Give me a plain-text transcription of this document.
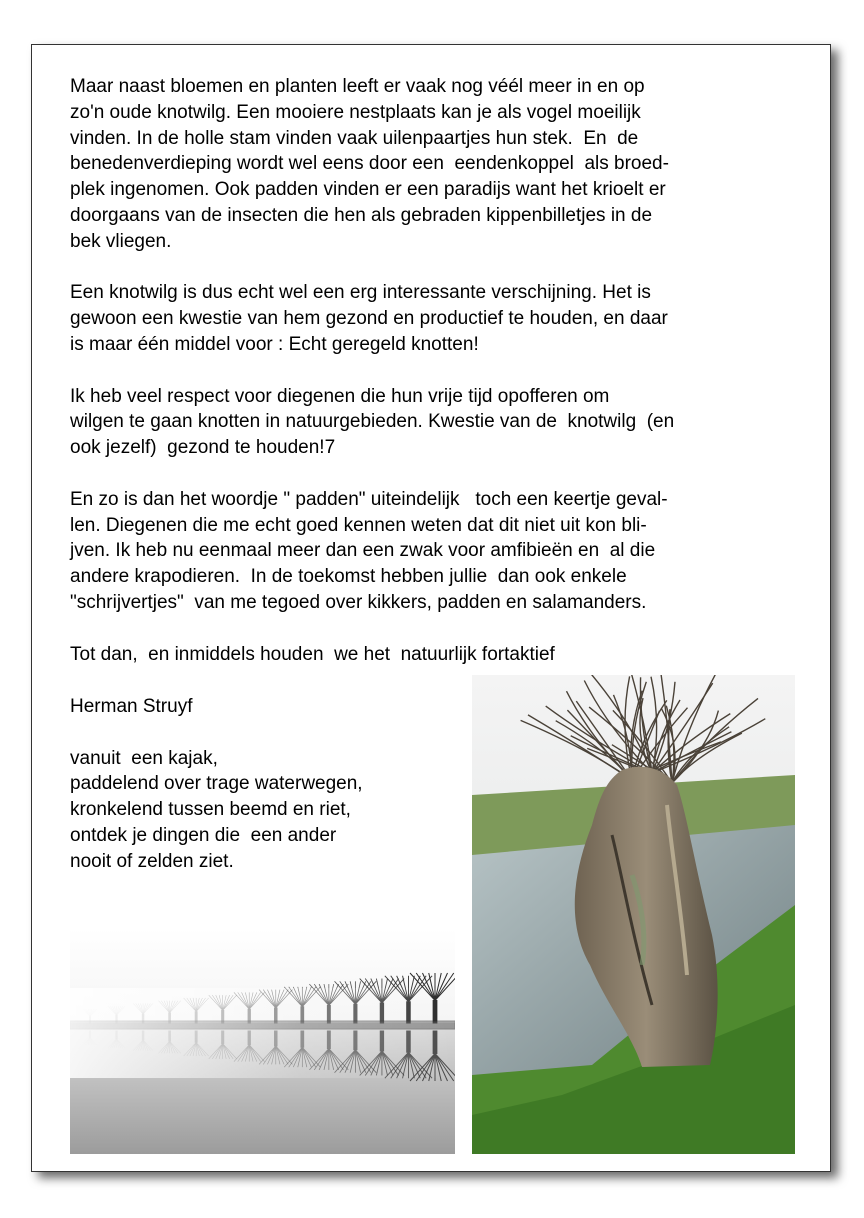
Maar naast bloemen en planten leeft er vaak nog véél meer in en op
zo'n oude knotwilg. Een mooiere nestplaats kan je als vogel moeilijk
vinden. In de holle stam vinden vaak uilenpaartjes hun stek.  En  de
benedenverdieping wordt wel eens door een  eendenkoppel  als broed-
plek ingenomen. Ook padden vinden er een paradijs want het krioelt er
doorgaans van de insecten die hen als gebraden kippenbilletjes in de
bek vliegen.

Een knotwilg is dus echt wel een erg interessante verschijning. Het is
gewoon een kwestie van hem gezond en productief te houden, en daar
is maar één middel voor : Echt geregeld knotten!

Ik heb veel respect voor diegenen die hun vrije tijd opofferen om
wilgen te gaan knotten in natuurgebieden. Kwestie van de  knotwilg  (en
ook jezelf)  gezond te houden!7

En zo is dan het woordje " padden" uiteindelijk   toch een keertje geval-
len. Diegenen die me echt goed kennen weten dat dit niet uit kon bli-
jven. Ik heb nu eenmaal meer dan een zwak voor amfibieën en  al die
andere krapodieren.  In de toekomst hebben jullie  dan ook enkele
"schrijvertjes"  van me tegoed over kikkers, padden en salamanders.

Tot dan,  en inmiddels houden  we het  natuurlijk fortaktief

Herman Struyf

vanuit  een kajak,
paddelend over trage waterwegen,
kronkelend tussen beemd en riet,
ontdek je dingen die  een ander
nooit of zelden ziet.
